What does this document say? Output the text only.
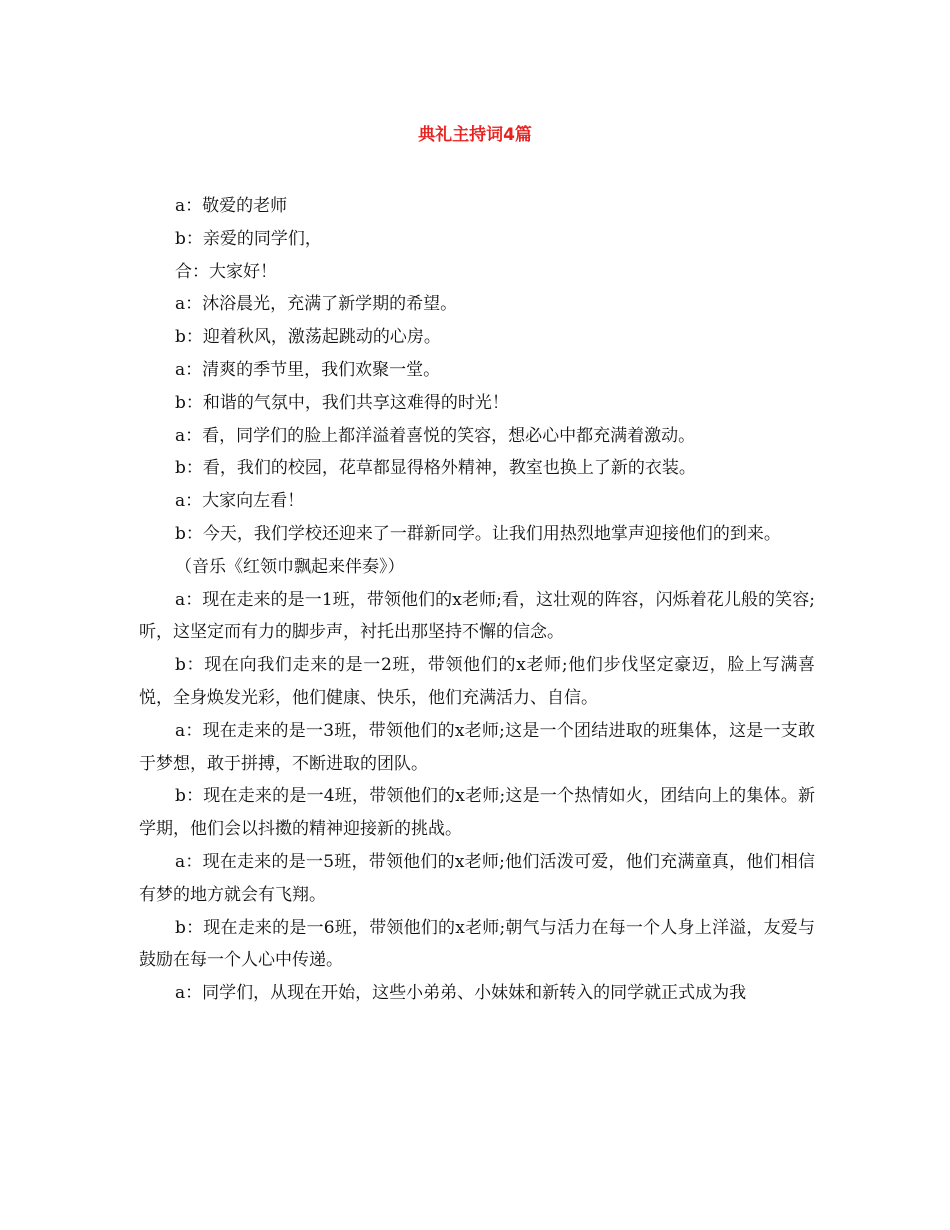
典礼主持词4篇

a：敬爱的老师

b：亲爱的同学们，

合：大家好！

a：沐浴晨光，充满了新学期的希望。

b：迎着秋风，激荡起跳动的心房。

a：清爽的季节里，我们欢聚一堂。

b：和谐的气氛中，我们共享这难得的时光！

a：看，同学们的脸上都洋溢着喜悦的笑容，想必心中都充满着激动。

b：看，我们的校园，花草都显得格外精神，教室也换上了新的衣装。

a：大家向左看！

b：今天，我们学校还迎来了一群新同学。让我们用热烈地掌声迎接他们的到来。

（音乐《红领巾飘起来伴奏》）

a：现在走来的是一1班，带领他们的x老师;看，这壮观的阵容，闪烁着花儿般的笑容;听，这坚定而有力的脚步声，衬托出那坚持不懈的信念。

b：现在向我们走来的是一2班，带领他们的x老师;他们步伐坚定豪迈，脸上写满喜悦，全身焕发光彩，他们健康、快乐，他们充满活力、自信。

a：现在走来的是一3班，带领他们的x老师;这是一个团结进取的班集体，这是一支敢于梦想，敢于拼搏，不断进取的团队。

b：现在走来的是一4班，带领他们的x老师;这是一个热情如火，团结向上的集体。新学期，他们会以抖擞的精神迎接新的挑战。

a：现在走来的是一5班，带领他们的x老师;他们活泼可爱，他们充满童真，他们相信有梦的地方就会有飞翔。

b：现在走来的是一6班，带领他们的x老师;朝气与活力在每一个人身上洋溢，友爱与鼓励在每一个人心中传递。

a：同学们，从现在开始，这些小弟弟、小妹妹和新转入的同学就正式成为我
